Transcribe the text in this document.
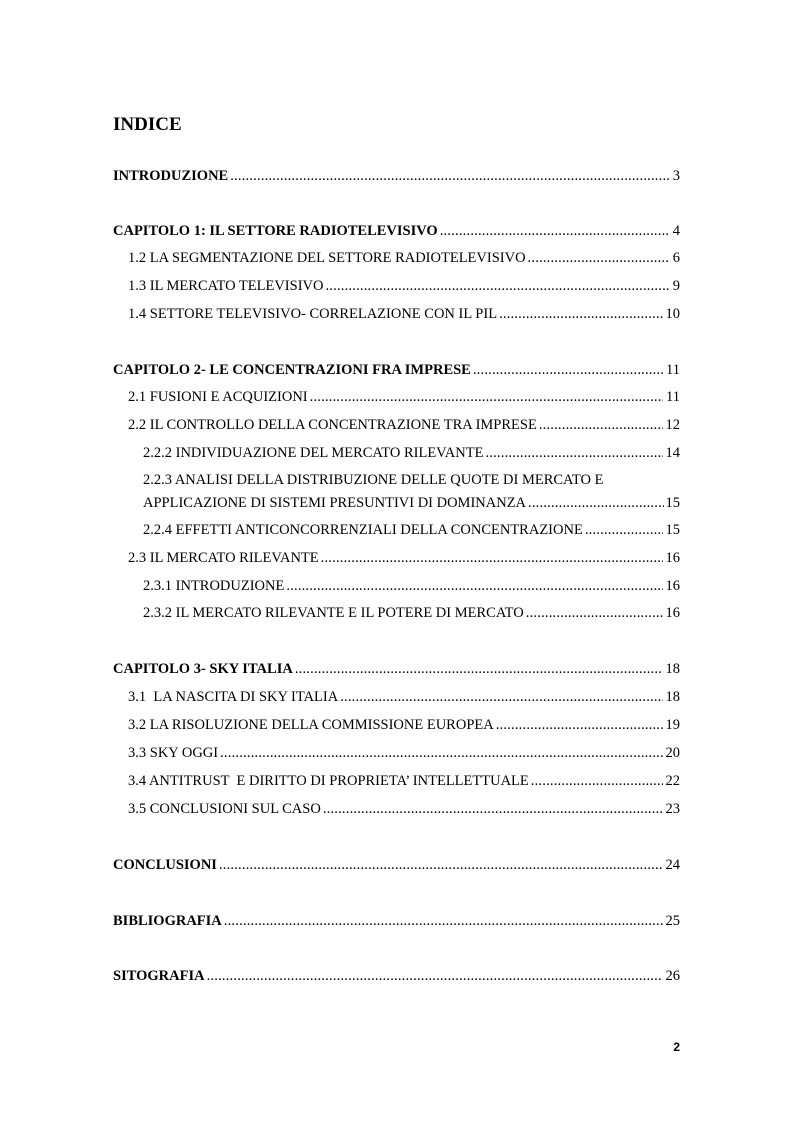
INDICE
INTRODUZIONE .....	3
CAPITOLO 1: IL SETTORE RADIOTELEVISIVO .....	4
1.2 LA SEGMENTAZIONE DEL SETTORE RADIOTELEVISIVO .....	6
1.3 IL MERCATO TELEVISIVO .....	9
1.4 SETTORE TELEVISIVO- CORRELAZIONE CON IL PIL .....	10
CAPITOLO 2- LE CONCENTRAZIONI FRA IMPRESE .....	11
2.1 FUSIONI E ACQUIZIONI .....	11
2.2 IL CONTROLLO DELLA CONCENTRAZIONE TRA IMPRESE .....	12
2.2.2 INDIVIDUAZIONE DEL MERCATO RILEVANTE .....	14
2.2.3 ANALISI DELLA DISTRIBUZIONE DELLE QUOTE DI MERCATO E
APPLICAZIONE DI SISTEMI PRESUNTIVI DI DOMINANZA .....	15
2.2.4 EFFETTI ANTICONCORRENZIALI DELLA CONCENTRAZIONE .....	15
2.3 IL MERCATO RILEVANTE .....	16
2.3.1 INTRODUZIONE .....	16
2.3.2 IL MERCATO RILEVANTE E IL POTERE DI MERCATO .....	16
CAPITOLO 3- SKY ITALIA .....	18
3.1  LA NASCITA DI SKY ITALIA .....	18
3.2 LA RISOLUZIONE DELLA COMMISSIONE EUROPEA .....	19
3.3 SKY OGGI .....	20
3.4 ANTITRUST  E DIRITTO DI PROPRIETA’ INTELLETTUALE .....	22
3.5 CONCLUSIONI SUL CASO .....	23
CONCLUSIONI .....	24
BIBLIOGRAFIA .....	25
SITOGRAFIA .....	26
2
